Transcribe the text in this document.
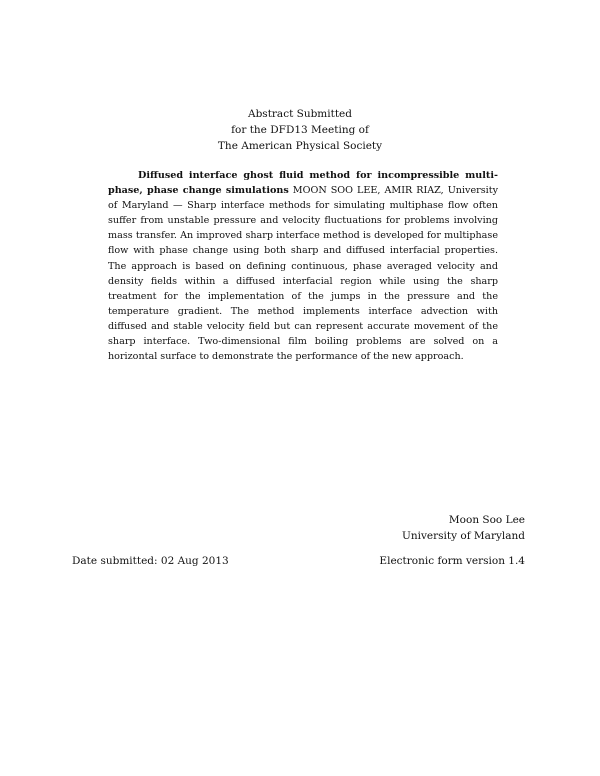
Abstract Submitted
for the DFD13 Meeting of
The American Physical Society
Diffused interface ghost fluid method for incompressible multiphase, phase change simulations MOON SOO LEE, AMIR RIAZ, University of Maryland — Sharp interface methods for simulating multiphase flow often suffer from unstable pressure and velocity fluctuations for problems involving mass transfer. An improved sharp interface method is developed for multiphase flow with phase change using both sharp and diffused interfacial properties. The approach is based on defining continuous, phase averaged velocity and density fields within a diffused interfacial region while using the sharp treatment for the implementation of the jumps in the pressure and the temperature gradient. The method implements interface advection with diffused and stable velocity field but can represent accurate movement of the sharp interface. Two-dimensional film boiling problems are solved on a horizontal surface to demonstrate the performance of the new approach.
Moon Soo Lee
University of Maryland
Date submitted: 02 Aug 2013	Electronic form version 1.4
